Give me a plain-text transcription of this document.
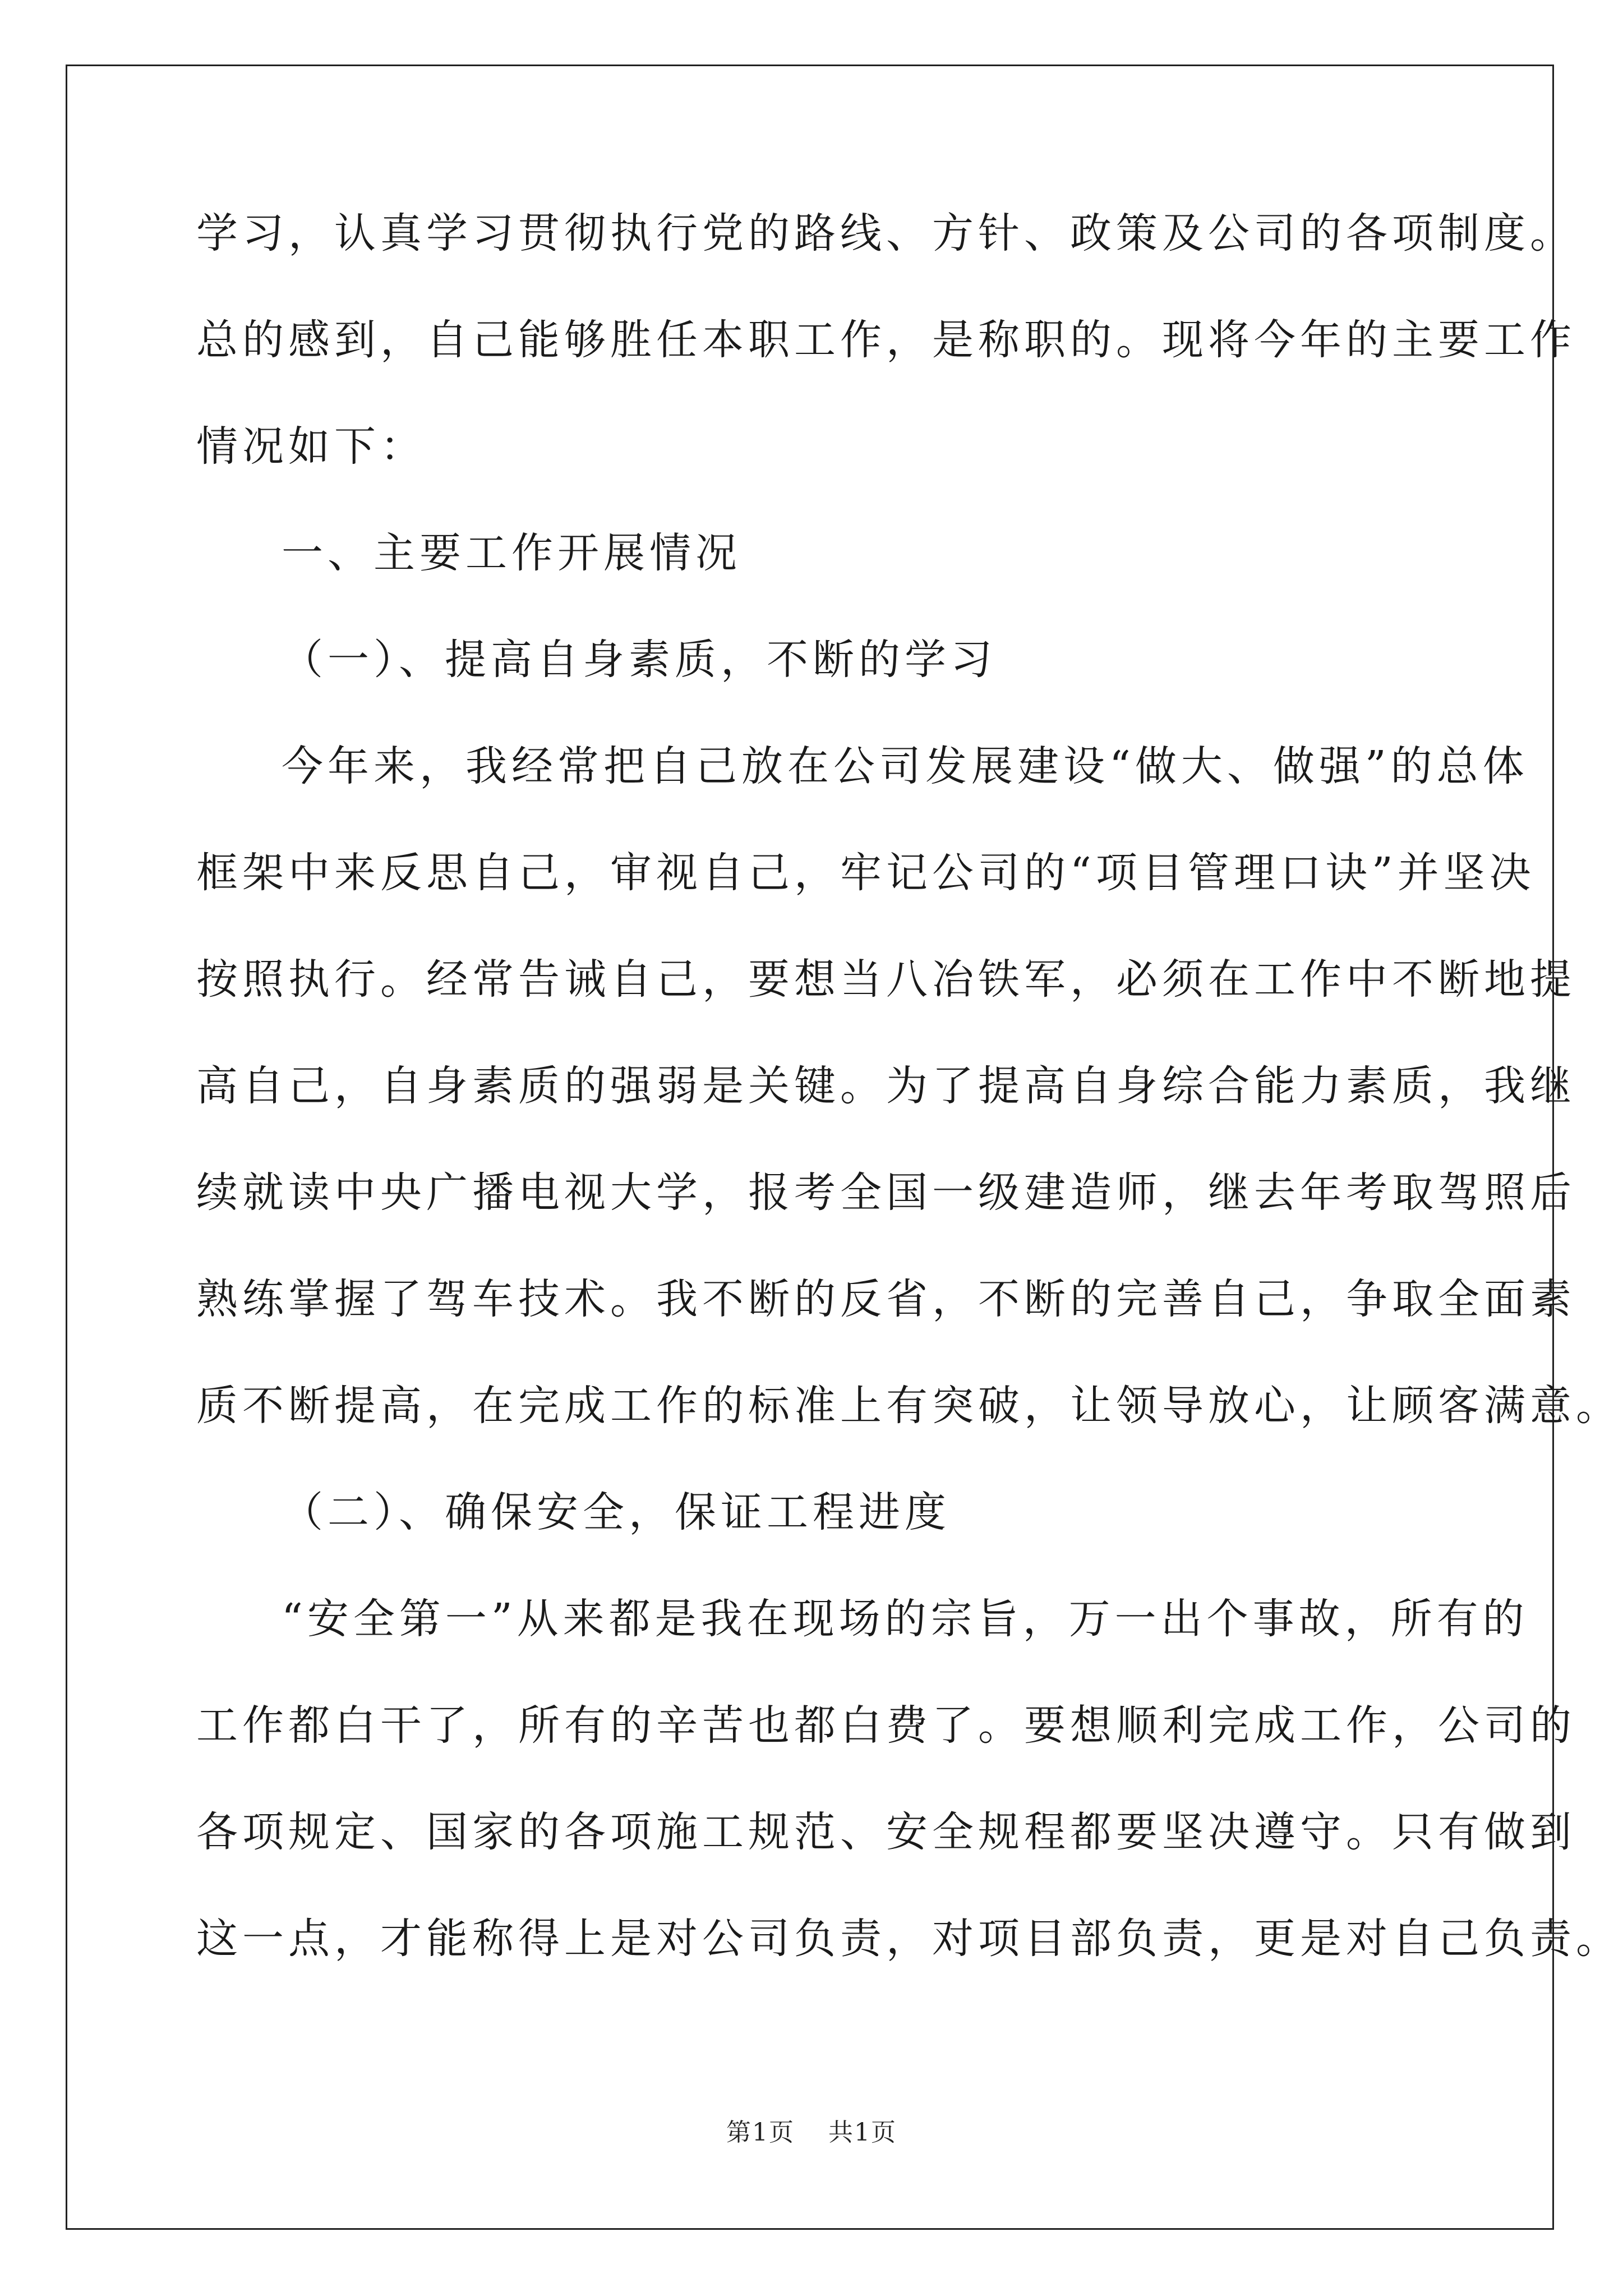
学习，认真学习贯彻执行党的路线、方针、政策及公司的各项制度。
总的感到，自己能够胜任本职工作，是称职的。现将今年的主要工作
情况如下：
一、主要工作开展情况
（一）、提高自身素质，不断的学习
今年来，我经常把自己放在公司发展建设“做大、做强”的总体
框架中来反思自己，审视自己，牢记公司的“项目管理口诀”并坚决
按照执行。经常告诫自己，要想当八冶铁军，必须在工作中不断地提
高自己，自身素质的强弱是关键。为了提高自身综合能力素质，我继
续就读中央广播电视大学，报考全国一级建造师，继去年考取驾照后
熟练掌握了驾车技术。我不断的反省，不断的完善自己，争取全面素
质不断提高，在完成工作的标准上有突破，让领导放心，让顾客满意。
（二）、确保安全，保证工程进度
“安全第一”从来都是我在现场的宗旨，万一出个事故，所有的
工作都白干了，所有的辛苦也都白费了。要想顺利完成工作，公司的
各项规定、国家的各项施工规范、安全规程都要坚决遵守。只有做到
这一点，才能称得上是对公司负责，对项目部负责，更是对自己负责。
第1页 共1页
